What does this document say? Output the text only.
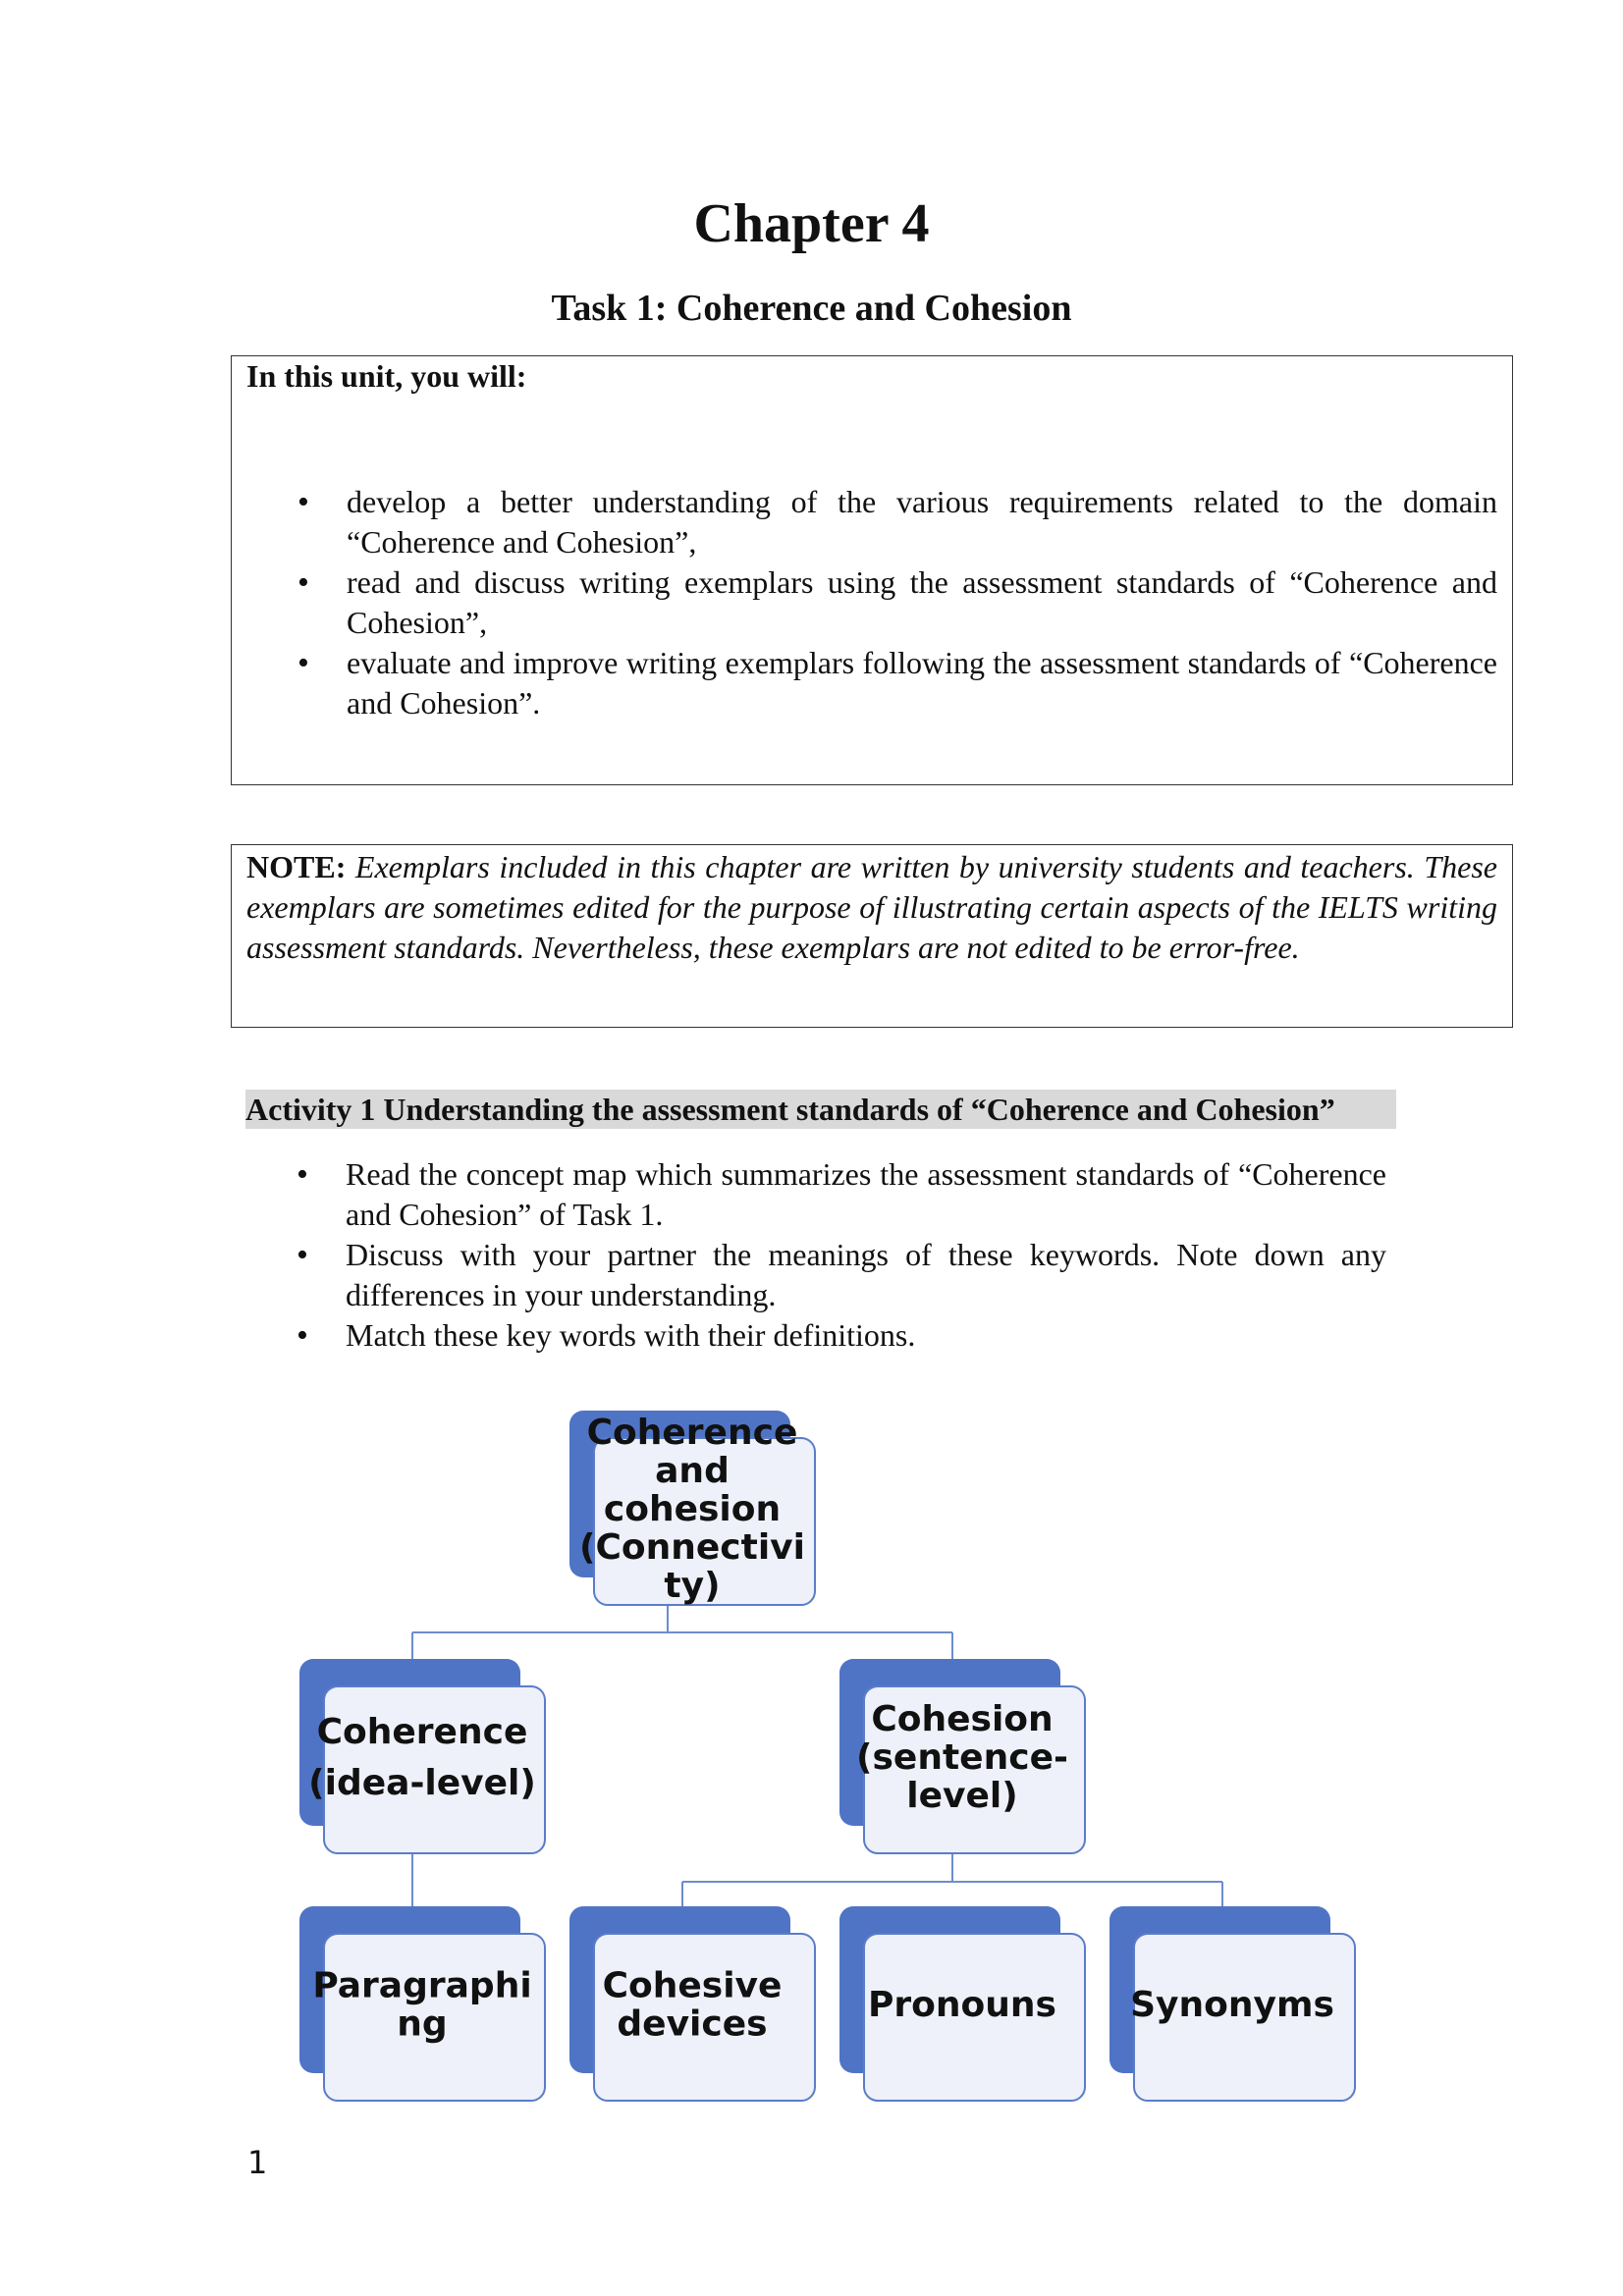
Chapter 4
Task 1: Coherence and Cohesion
In this unit, you will:
• develop a better understanding of the various requirements related to the domain “Coherence and Cohesion”,
• read and discuss writing exemplars using the assessment standards of “Coherence and Cohesion”,
• evaluate and improve writing exemplars following the assessment standards of “Coherence and Cohesion”.
NOTE: Exemplars included in this chapter are written by university students and teachers. These exemplars are sometimes edited for the purpose of illustrating certain aspects of the IELTS writing assessment standards. Nevertheless, these exemplars are not edited to be error-free.
Activity 1 Understanding the assessment standards of “Coherence and Cohesion”
• Read the concept map which summarizes the assessment standards of “Coherence and Cohesion” of Task 1.
• Discuss with your partner the meanings of these keywords. Note down any differences in your understanding.
• Match these key words with their definitions.
Coherence
and
cohesion
(Connectivi
ty)
Coherence
(idea-level)
Cohesion
(sentence-
level)
Paragraphi
ng
Cohesive
devices	Pronouns Synonyms
1
